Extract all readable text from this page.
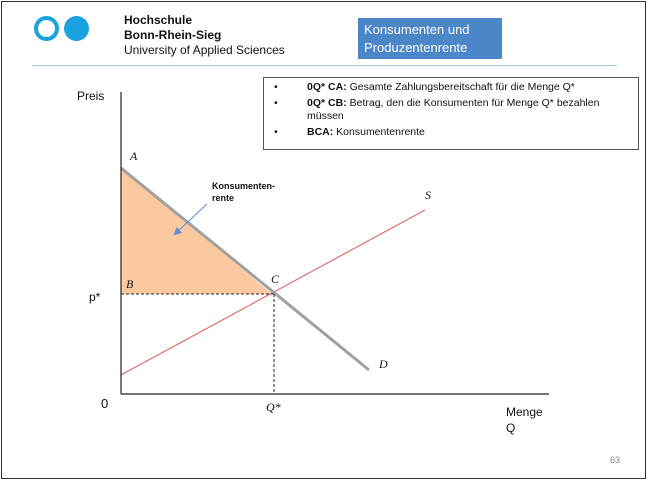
Hochschule
Bonn-Rhein-Sieg
University of Applied Sciences
Konsumenten und
Produzentenrente
• 0Q* CA: Gesamte Zahlungsbereitschaft für die Menge Q*
• 0Q* CB: Betrag, den die Konsumenten für Menge Q* bezahlen müssen
• BCA: Konsumentenrente
Preis
Menge
Q
0
p*
Q*
A
B	C
S
D
Konsumenten-
rente
63
